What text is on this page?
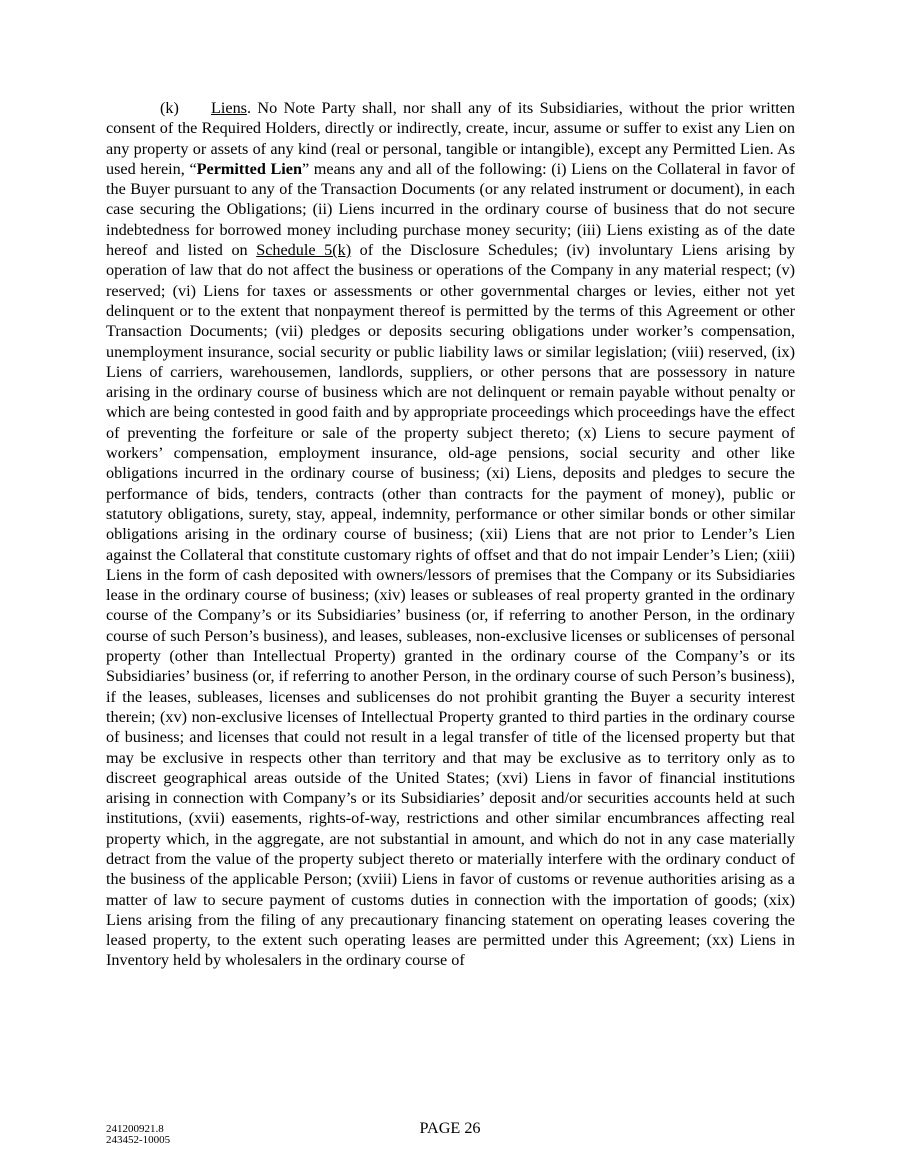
(k) Liens. No Note Party shall, nor shall any of its Subsidiaries, without the prior written consent of the Required Holders, directly or indirectly, create, incur, assume or suffer to exist any Lien on any property or assets of any kind (real or personal, tangible or intangible), except any Permitted Lien. As used herein, “Permitted Lien” means any and all of the following: (i) Liens on the Collateral in favor of the Buyer pursuant to any of the Transaction Documents (or any related instrument or document), in each case securing the Obligations; (ii) Liens incurred in the ordinary course of business that do not secure indebtedness for borrowed money including purchase money security; (iii) Liens existing as of the date hereof and listed on Schedule 5(k) of the Disclosure Schedules; (iv) involuntary Liens arising by operation of law that do not affect the business or operations of the Company in any material respect; (v) reserved; (vi) Liens for taxes or assessments or other governmental charges or levies, either not yet delinquent or to the extent that nonpayment thereof is permitted by the terms of this Agreement or other Transaction Documents; (vii) pledges or deposits securing obligations under worker’s compensation, unemployment insurance, social security or public liability laws or similar legislation; (viii) reserved, (ix) Liens of carriers, warehousemen, landlords, suppliers, or other persons that are possessory in nature arising in the ordinary course of business which are not delinquent or remain payable without penalty or which are being contested in good faith and by appropriate proceedings which proceedings have the effect of preventing the forfeiture or sale of the property subject thereto; (x) Liens to secure payment of workers’ compensation, employment insurance, old-age pensions, social security and other like obligations incurred in the ordinary course of business; (xi) Liens, deposits and pledges to secure the performance of bids, tenders, contracts (other than contracts for the payment of money), public or statutory obligations, surety, stay, appeal, indemnity, performance or other similar bonds or other similar obligations arising in the ordinary course of business; (xii) Liens that are not prior to Lender’s Lien against the Collateral that constitute customary rights of offset and that do not impair Lender’s Lien; (xiii) Liens in the form of cash deposited with owners/lessors of premises that the Company or its Subsidiaries lease in the ordinary course of business; (xiv) leases or subleases of real property granted in the ordinary course of the Company’s or its Subsidiaries’ business (or, if referring to another Person, in the ordinary course of such Person’s business), and leases, subleases, non-exclusive licenses or sublicenses of personal property (other than Intellectual Property) granted in the ordinary course of the Company’s or its Subsidiaries’ business (or, if referring to another Person, in the ordinary course of such Person’s business), if the leases, subleases, licenses and sublicenses do not prohibit granting the Buyer a security interest therein; (xv) non-exclusive licenses of Intellectual Property granted to third parties in the ordinary course of business; and licenses that could not result in a legal transfer of title of the licensed property but that may be exclusive in respects other than territory and that may be exclusive as to territory only as to discreet geographical areas outside of the United States; (xvi) Liens in favor of financial institutions arising in connection with Company’s or its Subsidiaries’ deposit and/or securities accounts held at such institutions, (xvii) easements, rights-of-way, restrictions and other similar encumbrances affecting real property which, in the aggregate, are not substantial in amount, and which do not in any case materially detract from the value of the property subject thereto or materially interfere with the ordinary conduct of the business of the applicable Person; (xviii) Liens in favor of customs or revenue authorities arising as a matter of law to secure payment of customs duties in connection with the importation of goods; (xix) Liens arising from the filing of any precautionary financing statement on operating leases covering the leased property, to the extent such operating leases are permitted under this Agreement; (xx) Liens in Inventory held by wholesalers in the ordinary course of

241200921.8
243452-10005
PAGE 26
